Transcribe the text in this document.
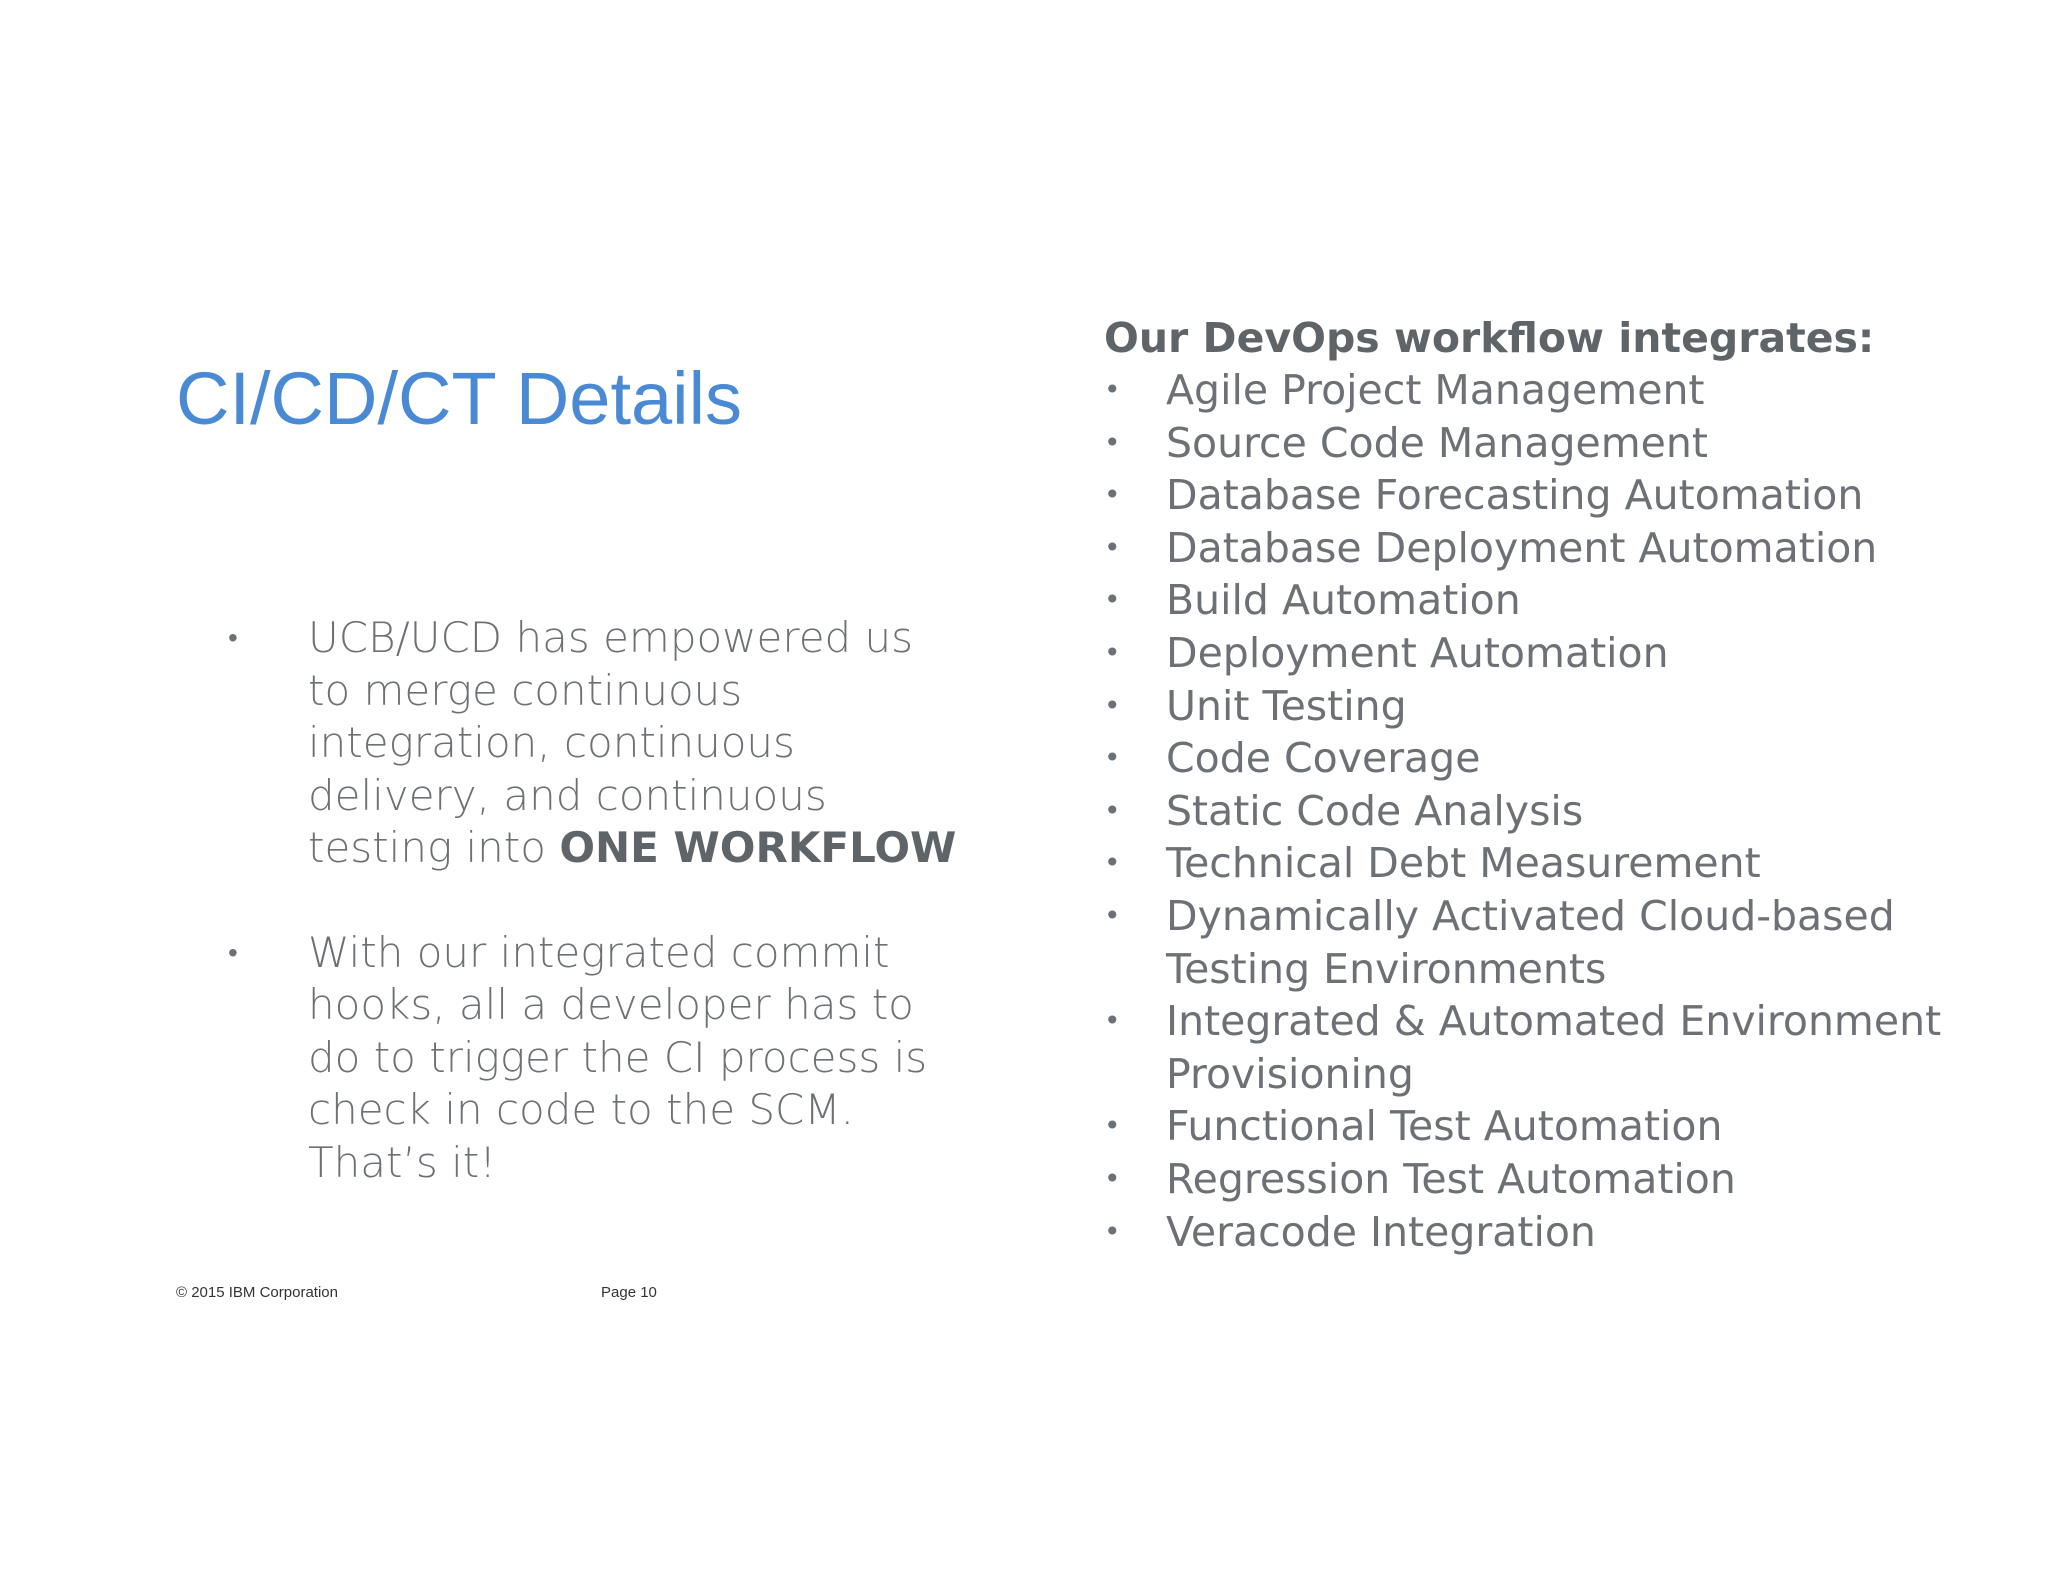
CI/CD/CT Details
• UCB/UCD has empowered us to merge continuous integration, continuous delivery, and continuous testing into ONE WORKFLOW
• With our integrated commit hooks, all a developer has to do to trigger the CI process is check in code to the SCM. That’s it!
Our DevOps workflow integrates:
• Agile Project Management
• Source Code Management
• Database Forecasting Automation
• Database Deployment Automation
• Build Automation
• Deployment Automation
• Unit Testing
• Code Coverage
• Static Code Analysis
• Technical Debt Measurement
• Dynamically Activated Cloud-based Testing Environments
• Integrated & Automated Environment Provisioning
• Functional Test Automation
• Regression Test Automation
• Veracode Integration
© 2015 IBM Corporation	Page 10
